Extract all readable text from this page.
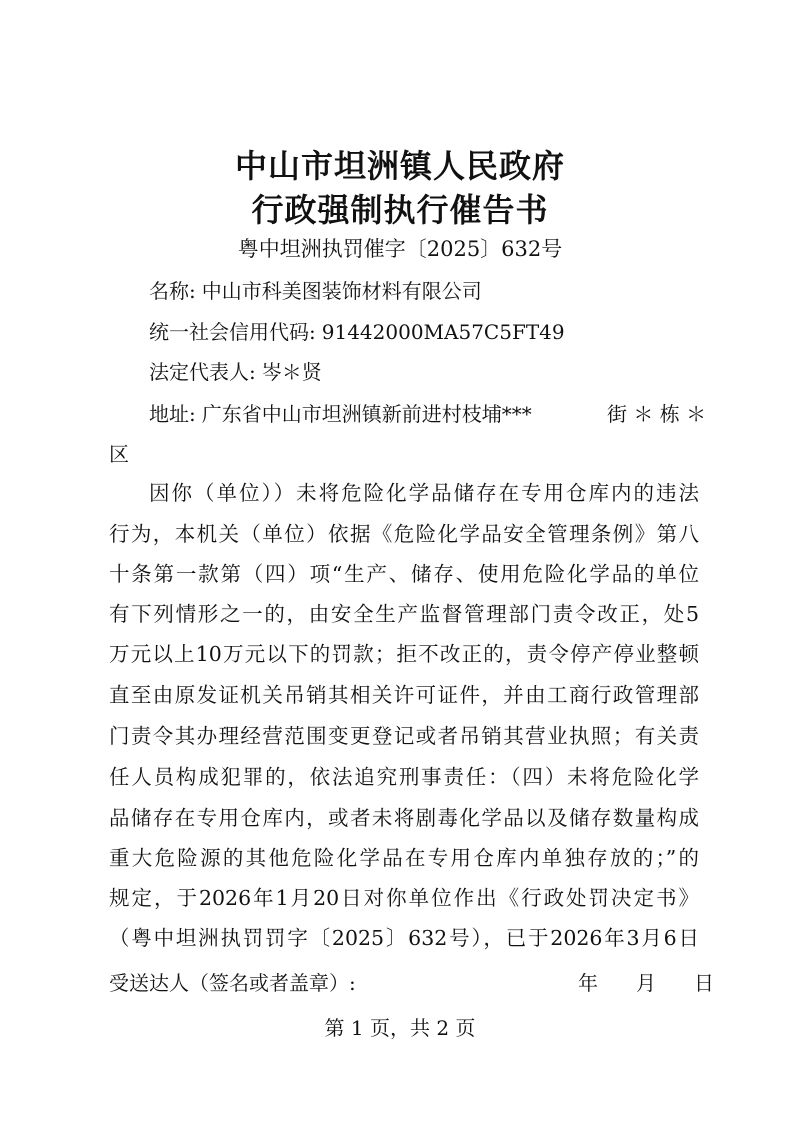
中山市坦洲镇人民政府
行政强制执行催告书
粤中坦洲执罚催字〔2025〕632号
名称: 中山市科美图装饰材料有限公司
统一社会信用代码: 91442000MA57C5FT49
法定代表人: 岑＊贤
地址: 广东省中山市坦洲镇新前进村枝埔***	街 ＊ 栋 ＊
区
因你（单位））未将危险化学品储存在专用仓库内的违法
行为，本机关（单位）依据《危险化学品安全管理条例》第八
十条第一款第（四）项“生产、储存、使用危险化学品的单位
有下列情形之一的，由安全生产监督管理部门责令改正，处5
万元以上10万元以下的罚款；拒不改正的，责令停产停业整顿
直至由原发证机关吊销其相关许可证件，并由工商行政管理部
门责令其办理经营范围变更登记或者吊销其营业执照；有关责
任人员构成犯罪的，依法追究刑事责任：（四）未将危险化学
品储存在专用仓库内，或者未将剧毒化学品以及储存数量构成
重大危险源的其他危险化学品在专用仓库内单独存放的；”的
规定，于2026年1月20日对你单位作出《行政处罚决定书》
（粤中坦洲执罚罚字〔2025〕632号），已于2026年3月6日
受送达人（签名或者盖章）:	年 月 日
第 1 页，共 2 页
